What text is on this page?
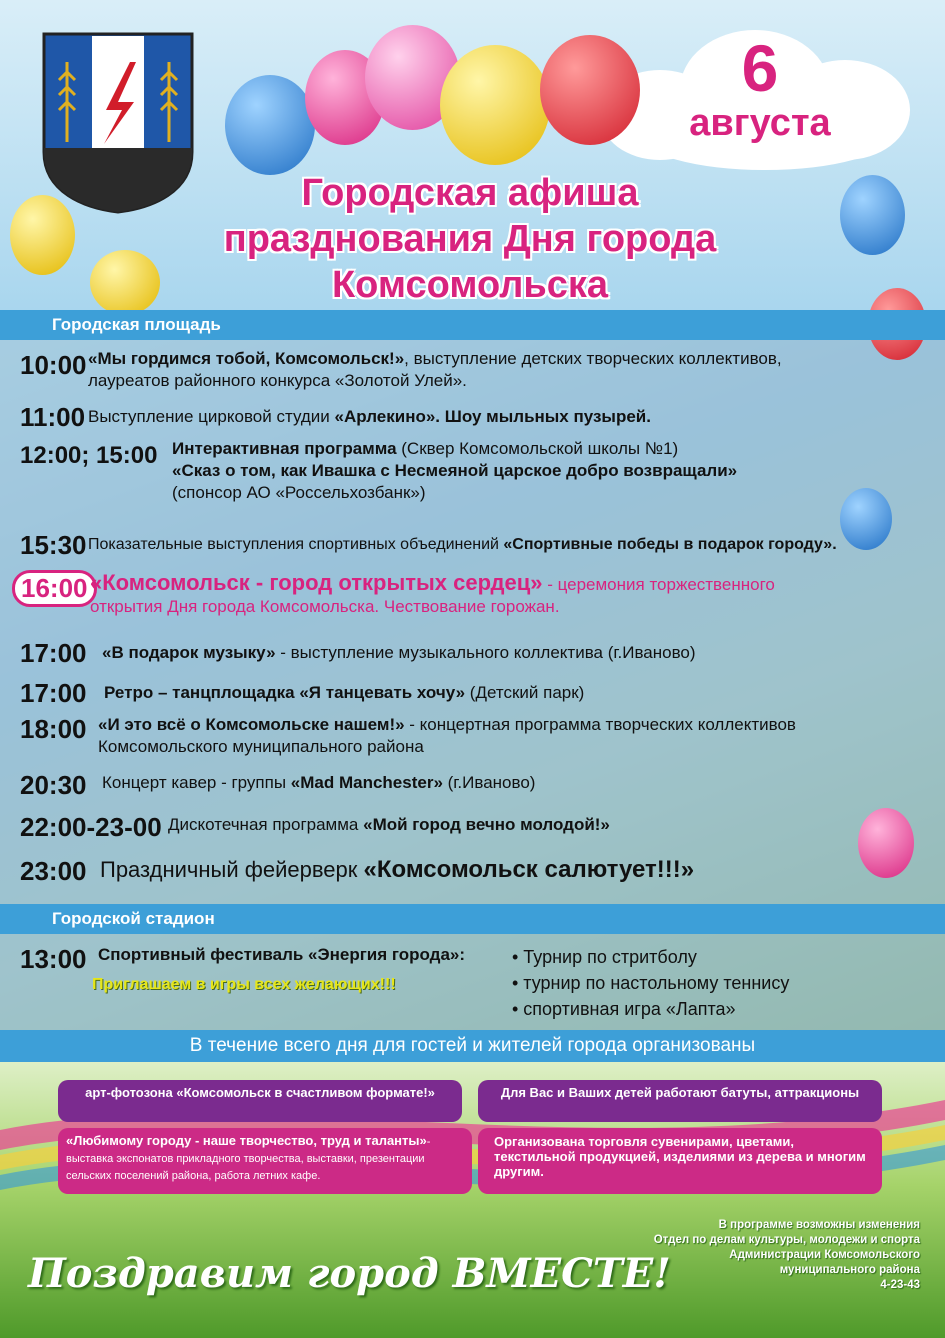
6
августа
Городская афиша
празднования Дня города
Комсомольска
Городская площадь
10:00 «Мы гордимся тобой, Комсомольск!», выступление детских творческих коллективов,
лауреатов районного конкурса «Золотой Улей».
11:00 Выступление цирковой студии «Арлекино». Шоу мыльных пузырей.
12:00; 15:00 Интерактивная программа (Сквер Комсомольской школы №1)
«Сказ о том, как Ивашка с Несмеяной царское добро возвращали»
(спонсор АО «Россельхозбанк»)
15:30 Показательные выступления спортивных объединений «Спортивные победы в подарок городу».
16:00 «Комсомольск - город открытых сердец» - церемония торжественного
открытия Дня города Комсомольска. Чествование горожан.
17:00 «В подарок музыку» - выступление музыкального коллектива (г.Иваново)
17:00 Ретро – танцплощадка «Я танцевать хочу» (Детский парк)
18:00 «И это всё о Комсомольске нашем!» - концертная программа творческих коллективов
Комсомольского муниципального района
20:30 Концерт кавер - группы «Mad Manchester» (г.Иваново)
22:00-23-00 Дискотечная программа «Мой город вечно молодой!»
23:00 Праздничный фейерверк «Комсомольск салютует!!!»
Городской стадион
13:00 Спортивный фестиваль «Энергия города»:
Приглашаем в игры всех желающих!!!
• Турнир по стритболу
• турнир по настольному теннису
• спортивная игра «Лапта»
В течение всего дня для гостей и жителей города организованы
арт-фотозона «Комсомольск в счастливом формате!»	Для Вас и Ваших детей работают батуты, аттракционы
«Любимому городу - наше творчество, труд и таланты»- выставка экспонатов прикладного творчества, выставки, презентации сельских поселений района, работа летних кафе.
Организована торговля сувенирами, цветами, текстильной продукцией, изделиями из дерева и многим другим.
Поздравим город ВМЕСТЕ!
В программе возможны изменения
Отдел по делам культуры, молодежи и спорта
Администрации Комсомольского
муниципального района
4-23-43
